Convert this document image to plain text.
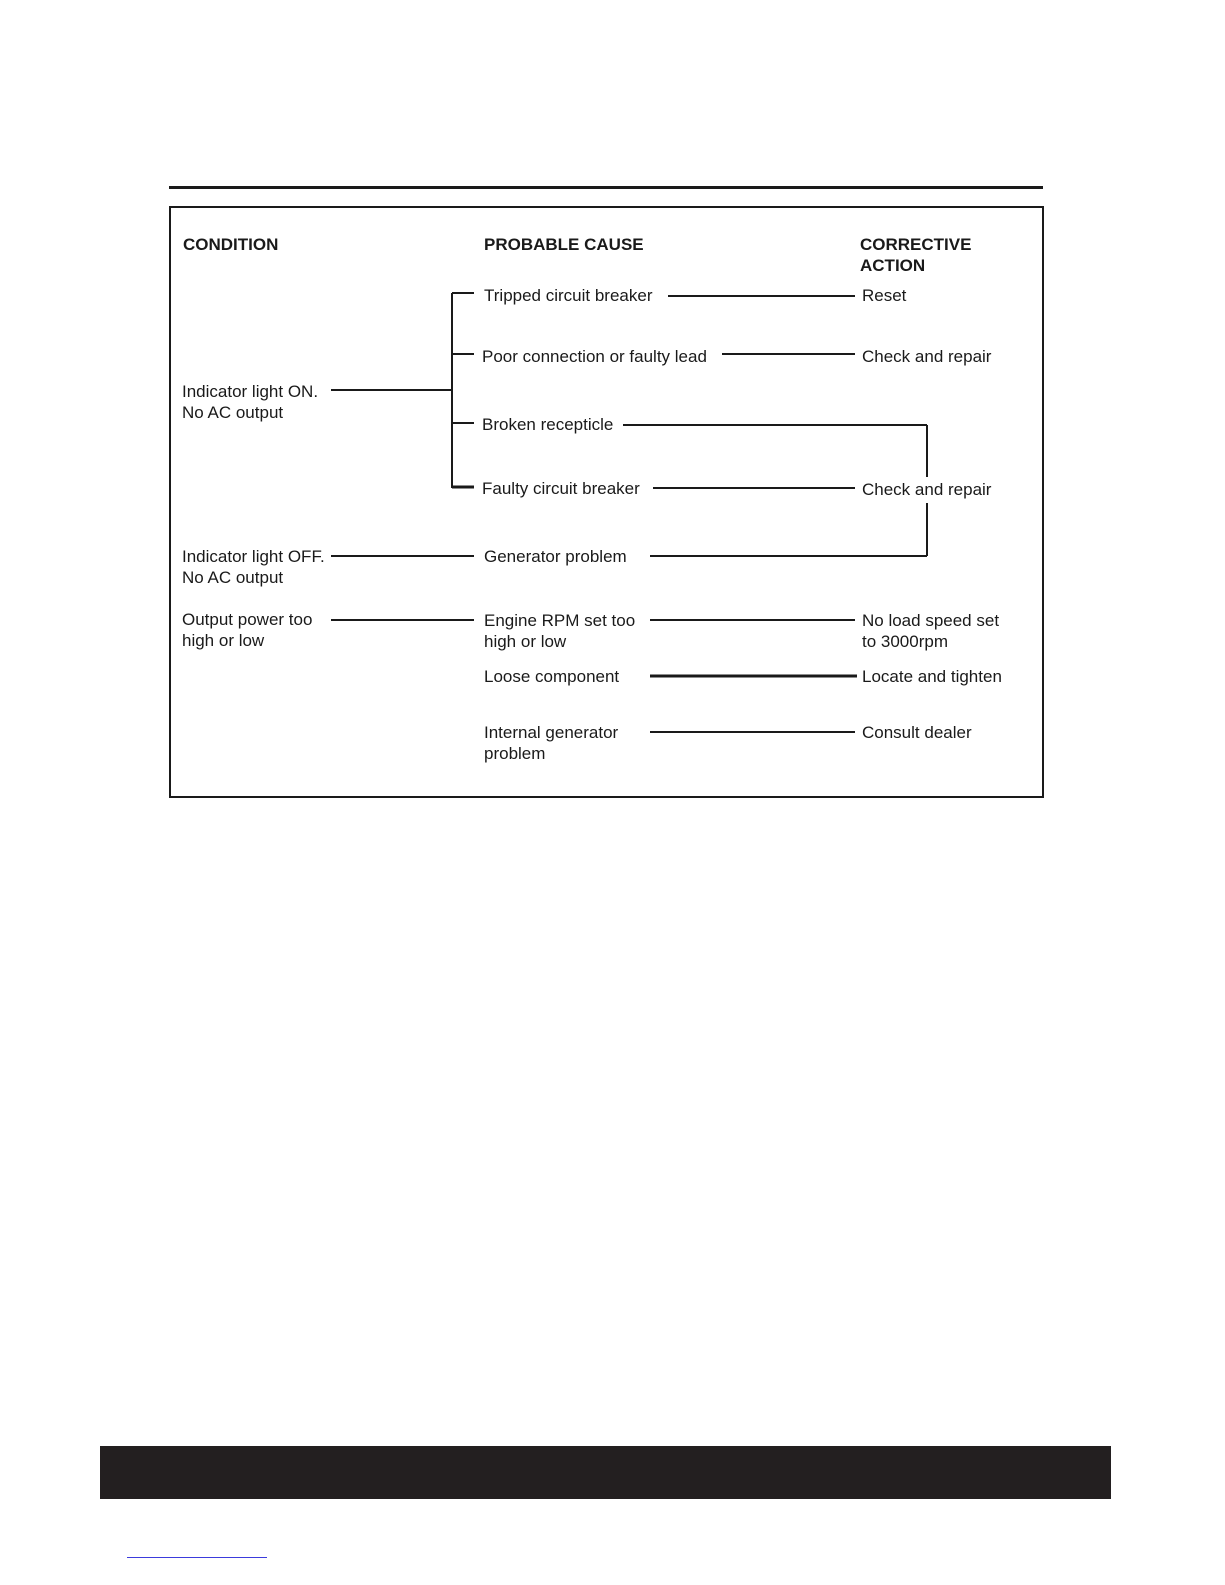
CONDITION	PROBABLE CAUSE	CORRECTIVE
ACTION
Indicator light ON.
No AC output
Indicator light OFF.
No AC output
Output power too
high or low
Tripped circuit breaker
Poor connection or faulty lead
Broken recepticle
Faulty circuit breaker
Generator problem
Engine RPM set too
high or low
Loose component
Internal generator
problem
Reset
Check and repair
Check and repair
No load speed set
to 3000rpm
Locate and tighten
Consult dealer
